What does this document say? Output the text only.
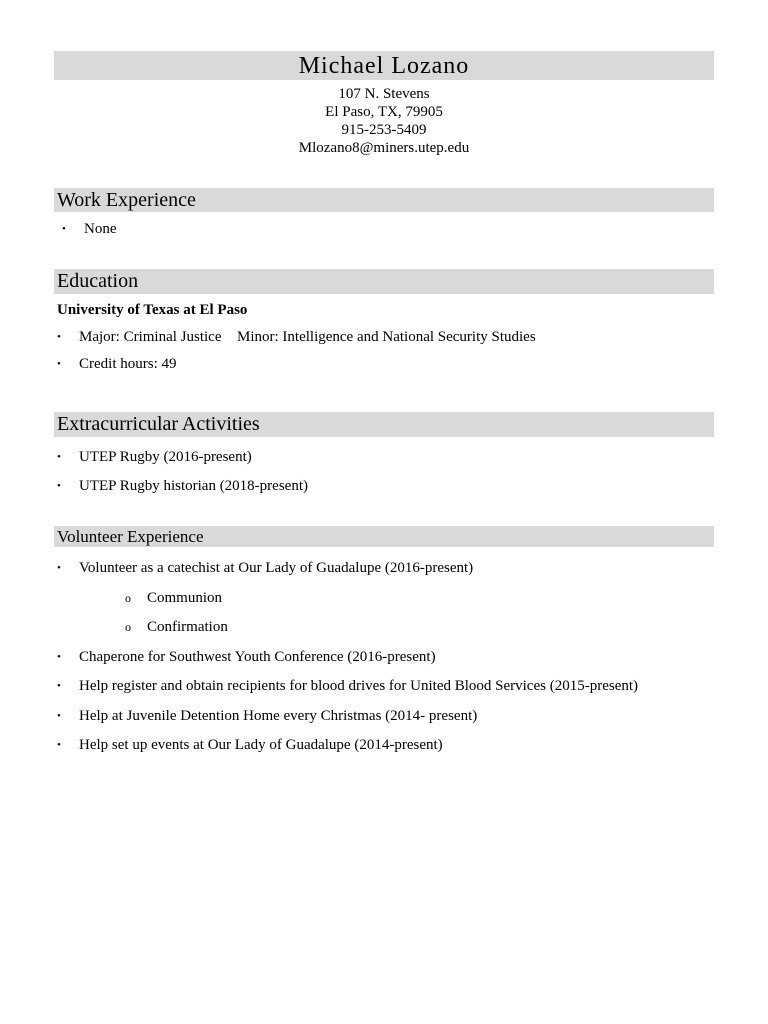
Michael Lozano
107 N. Stevens
El Paso, TX, 79905
915-253-5409
Mlozano8@miners.utep.edu
Work Experience
• None
Education
University of Texas at El Paso
• Major: Criminal Justice Minor: Intelligence and National Security Studies
• Credit hours: 49
Extracurricular Activities
• UTEP Rugby (2016-present)
• UTEP Rugby historian (2018-present)
Volunteer Experience
• Volunteer as a catechist at Our Lady of Guadalupe (2016-present)
o Communion
o Confirmation
• Chaperone for Southwest Youth Conference (2016-present)
• Help register and obtain recipients for blood drives for United Blood Services (2015-present)
• Help at Juvenile Detention Home every Christmas (2014- present)
• Help set up events at Our Lady of Guadalupe (2014-present)
